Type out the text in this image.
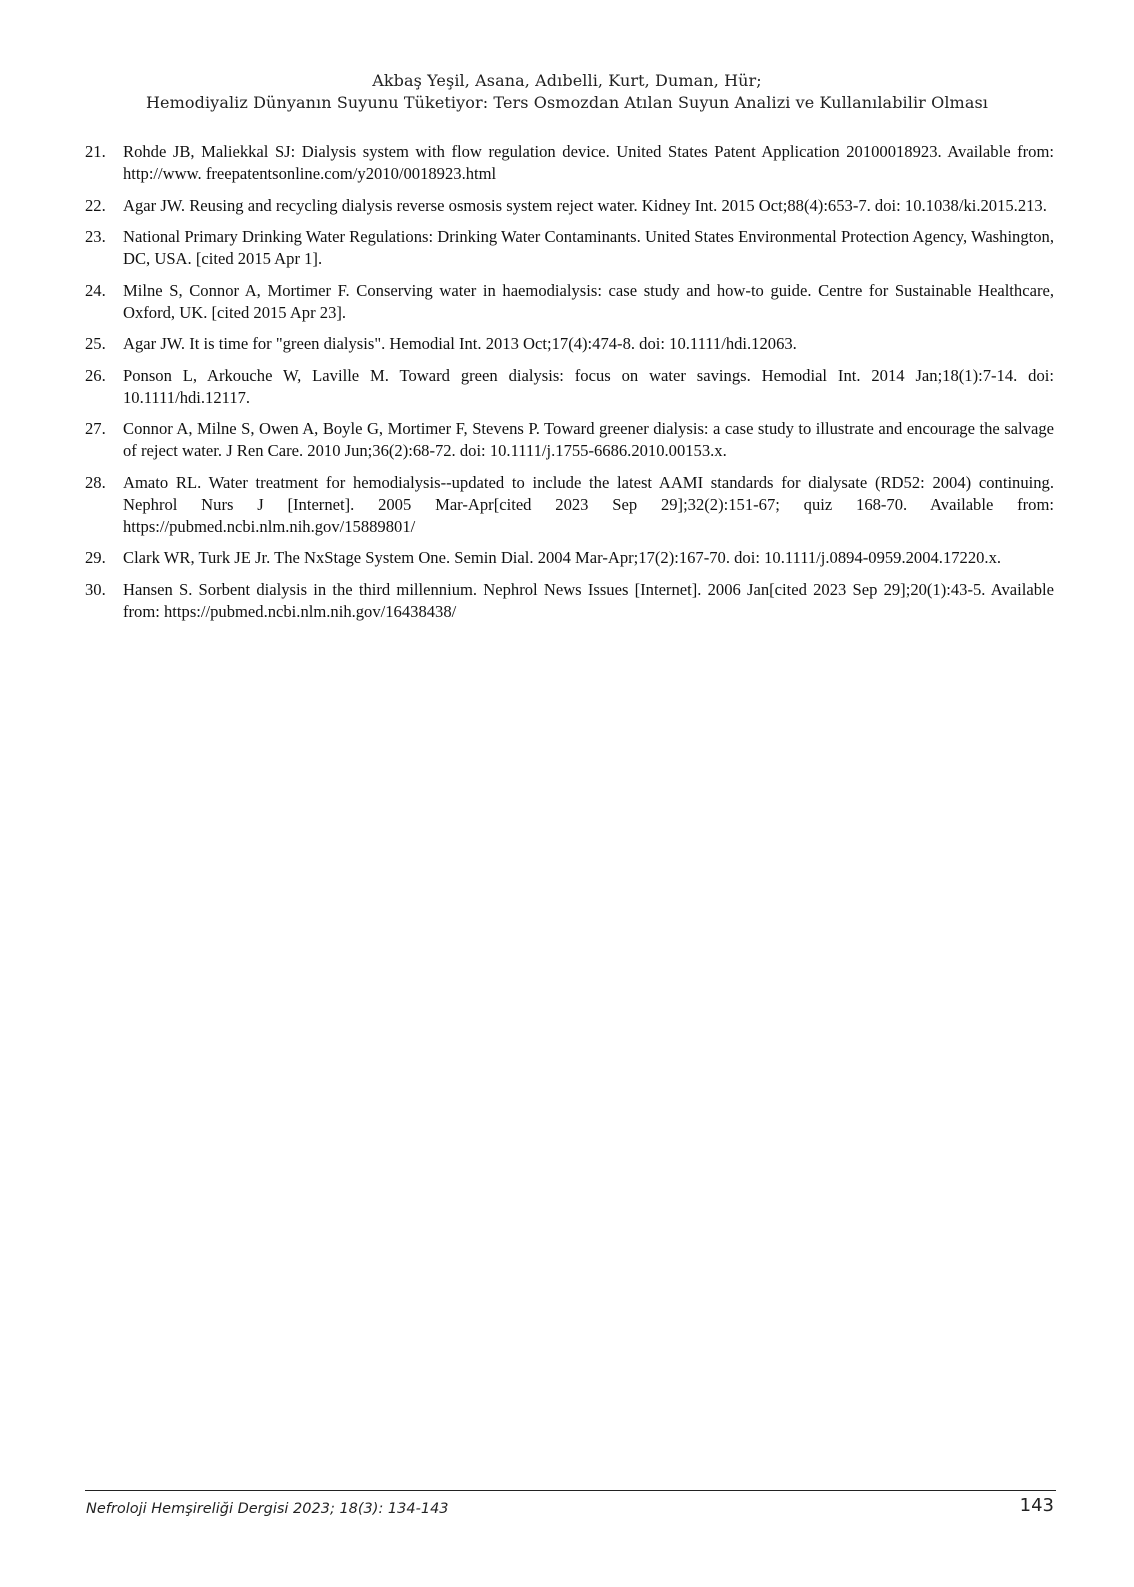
Akbaş Yeşil, Asana, Adıbelli, Kurt, Duman, Hür;
Hemodiyaliz Dünyanın Suyunu Tüketiyor: Ters Osmozdan Atılan Suyun Analizi ve Kullanılabilir Olması
21. Rohde JB, Maliekkal SJ: Dialysis system with flow regulation device. United States Patent Application 20100018923. Available from: http://www. freepatentsonline.com/y2010/0018923.html
22. Agar JW. Reusing and recycling dialysis reverse osmosis system reject water. Kidney Int. 2015 Oct;88(4):653-7. doi: 10.1038/ki.2015.213.
23. National Primary Drinking Water Regulations: Drinking Water Contaminants. United States Environmental Protection Agency, Washington, DC, USA. [cited 2015 Apr 1].
24. Milne S, Connor A, Mortimer F. Conserving water in haemodialysis: case study and how-to guide. Centre for Sustainable Healthcare, Oxford, UK. [cited 2015 Apr 23].
25. Agar JW. It is time for "green dialysis". Hemodial Int. 2013 Oct;17(4):474-8. doi: 10.1111/hdi.12063.
26. Ponson L, Arkouche W, Laville M. Toward green dialysis: focus on water savings. Hemodial Int. 2014 Jan;18(1):7-14. doi: 10.1111/hdi.12117.
27. Connor A, Milne S, Owen A, Boyle G, Mortimer F, Stevens P. Toward greener dialysis: a case study to illustrate and encourage the salvage of reject water. J Ren Care. 2010 Jun;36(2):68-72. doi: 10.1111/j.1755-6686.2010.00153.x.
28. Amato RL. Water treatment for hemodialysis--updated to include the latest AAMI standards for dialysate (RD52: 2004) continuing. Nephrol Nurs J [Internet]. 2005 Mar-Apr[cited 2023 Sep 29];32(2):151-67; quiz 168-70. Available from: https://pubmed.ncbi.nlm.nih.gov/15889801/
29. Clark WR, Turk JE Jr. The NxStage System One. Semin Dial. 2004 Mar-Apr;17(2):167-70. doi: 10.1111/j.0894-0959.2004.17220.x.
30. Hansen S. Sorbent dialysis in the third millennium. Nephrol News Issues [Internet]. 2006 Jan[cited 2023 Sep 29];20(1):43-5. Available from: https://pubmed.ncbi.nlm.nih.gov/16438438/
Nefroloji Hemşireliği Dergisi 2023; 18(3): 134-143	143
